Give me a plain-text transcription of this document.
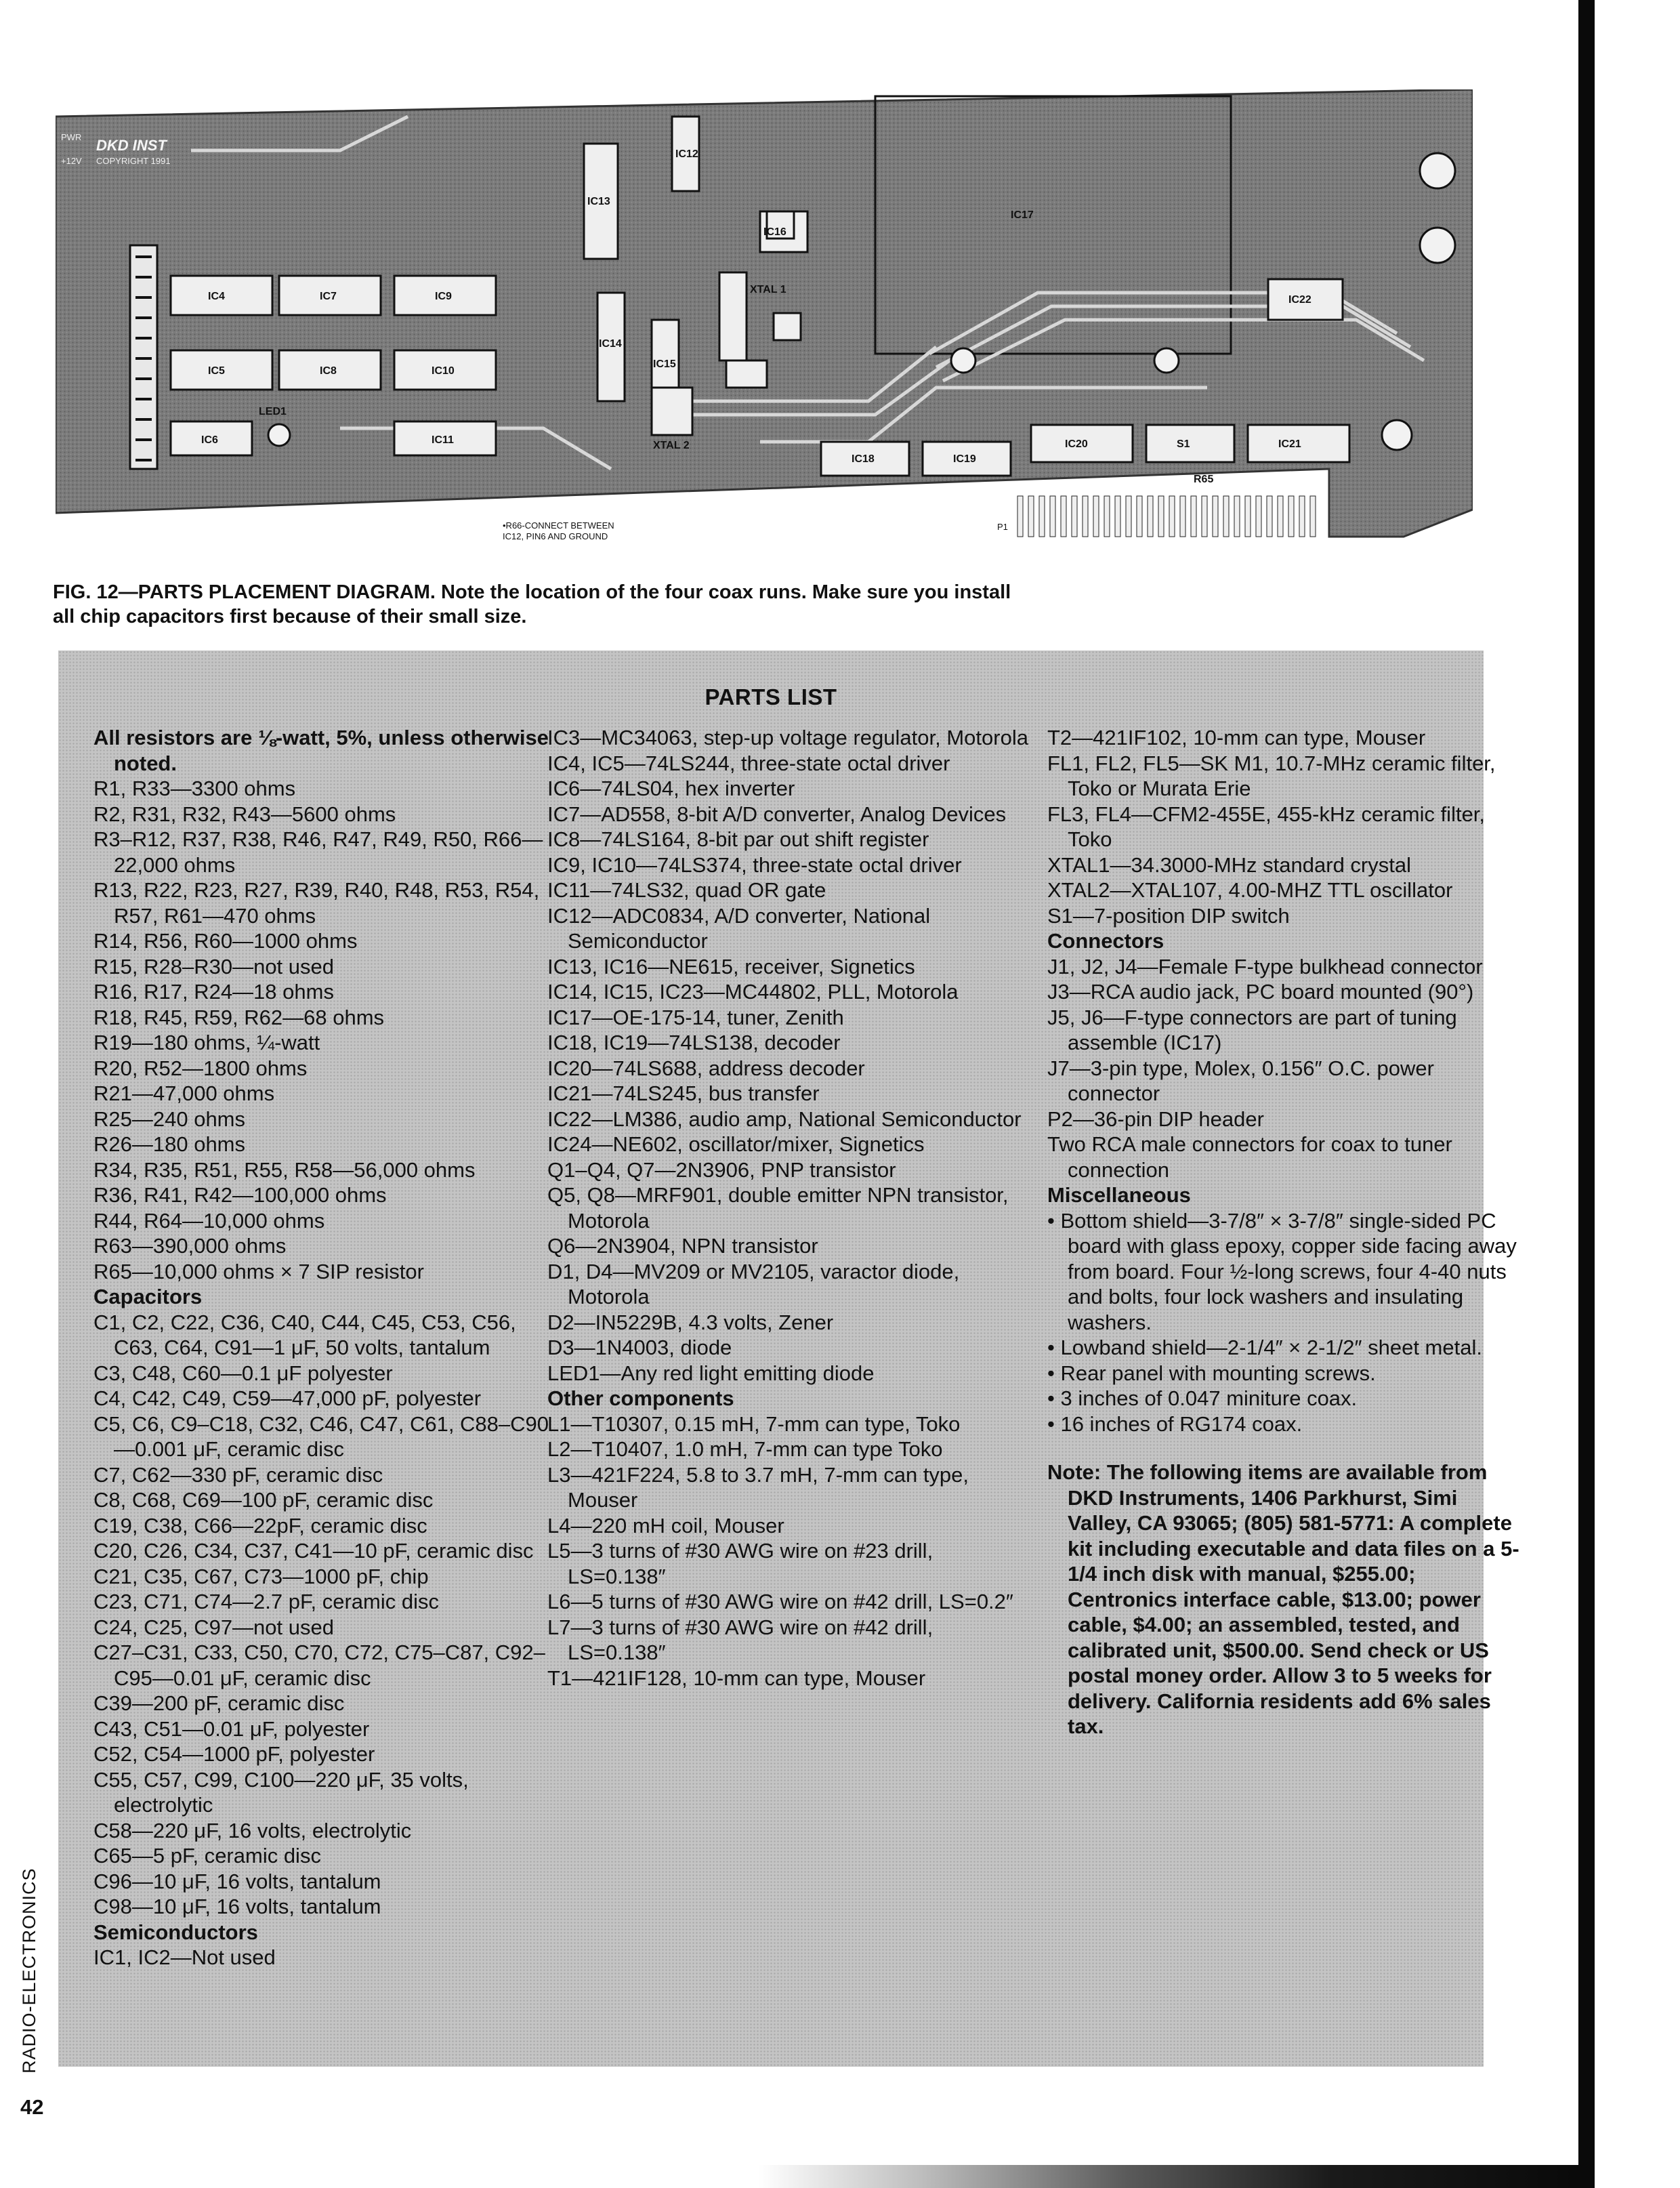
IC4	IC7	IC9
IC5	IC8	IC10
IC6	IC11
IC12
IC13
IC14
IC15
IC16
IC17
IC18	IC19
IC20	S1	IC21
IC22
XTAL 1
XTAL 2
R65
LED1
DKD INST
COPYRIGHT 1991
PWR
+12V
•R66-CONNECT BETWEEN
IC12, PIN6 AND GROUND
P1
FIG. 12—PARTS PLACEMENT DIAGRAM. Note the location of the four coax runs. Make sure you install all chip capacitors first because of their small size.
PARTS LIST
All resistors are ⅛-watt, 5%, unless otherwise noted.
R1, R33—3300 ohms
R2, R31, R32, R43—5600 ohms
R3–R12, R37, R38, R46, R47, R49, R50, R66—22,000 ohms
R13, R22, R23, R27, R39, R40, R48, R53, R54, R57, R61—470 ohms
R14, R56, R60—1000 ohms
R15, R28–R30—not used
R16, R17, R24—18 ohms
R18, R45, R59, R62—68 ohms
R19—180 ohms, ¼-watt
R20, R52—1800 ohms
R21—47,000 ohms
R25—240 ohms
R26—180 ohms
R34, R35, R51, R55, R58—56,000 ohms
R36, R41, R42—100,000 ohms
R44, R64—10,000 ohms
R63—390,000 ohms
R65—10,000 ohms × 7 SIP resistor
Capacitors
C1, C2, C22, C36, C40, C44, C45, C53, C56, C63, C64, C91—1 μF, 50 volts, tantalum
C3, C48, C60—0.1 μF polyester
C4, C42, C49, C59—47,000 pF, polyester
C5, C6, C9–C18, C32, C46, C47, C61, C88–C90—0.001 μF, ceramic disc
C7, C62—330 pF, ceramic disc
C8, C68, C69—100 pF, ceramic disc
C19, C38, C66—22pF, ceramic disc
C20, C26, C34, C37, C41—10 pF, ceramic disc
C21, C35, C67, C73—1000 pF, chip
C23, C71, C74—2.7 pF, ceramic disc
C24, C25, C97—not used
C27–C31, C33, C50, C70, C72, C75–C87, C92–C95—0.01 μF, ceramic disc
C39—200 pF, ceramic disc
C43, C51—0.01 μF, polyester
C52, C54—1000 pF, polyester
C55, C57, C99, C100—220 μF, 35 volts, electrolytic
C58—220 μF, 16 volts, electrolytic
C65—5 pF, ceramic disc
C96—10 μF, 16 volts, tantalum
C98—10 μF, 16 volts, tantalum
Semiconductors
IC1, IC2—Not used
IC3—MC34063, step-up voltage regulator, Motorola
IC4, IC5—74LS244, three-state octal driver
IC6—74LS04, hex inverter
IC7—AD558, 8-bit A/D converter, Analog Devices
IC8—74LS164, 8-bit par out shift register
IC9, IC10—74LS374, three-state octal driver
IC11—74LS32, quad OR gate
IC12—ADC0834, A/D converter, National Semiconductor
IC13, IC16—NE615, receiver, Signetics
IC14, IC15, IC23—MC44802, PLL, Motorola
IC17—OE-175-14, tuner, Zenith
IC18, IC19—74LS138, decoder
IC20—74LS688, address decoder
IC21—74LS245, bus transfer
IC22—LM386, audio amp, National Semiconductor
IC24—NE602, oscillator/mixer, Signetics
Q1–Q4, Q7—2N3906, PNP transistor
Q5, Q8—MRF901, double emitter NPN transistor, Motorola
Q6—2N3904, NPN transistor
D1, D4—MV209 or MV2105, varactor diode, Motorola
D2—IN5229B, 4.3 volts, Zener
D3—1N4003, diode
LED1—Any red light emitting diode
Other components
L1—T10307, 0.15 mH, 7-mm can type, Toko
L2—T10407, 1.0 mH, 7-mm can type Toko
L3—421F224, 5.8 to 3.7 mH, 7-mm can type, Mouser
L4—220 mH coil, Mouser
L5—3 turns of #30 AWG wire on #23 drill, LS=0.138″
L6—5 turns of #30 AWG wire on #42 drill, LS=0.2″
L7—3 turns of #30 AWG wire on #42 drill, LS=0.138″
T1—421IF128, 10-mm can type, Mouser
T2—421IF102, 10-mm can type, Mouser
FL1, FL2, FL5—SK M1, 10.7-MHz ceramic filter, Toko or Murata Erie
FL3, FL4—CFM2-455E, 455-kHz ceramic filter, Toko
XTAL1—34.3000-MHz standard crystal
XTAL2—XTAL107, 4.00-MHZ TTL oscillator
S1—7-position DIP switch
Connectors
J1, J2, J4—Female F-type bulkhead connector
J3—RCA audio jack, PC board mounted (90°)
J5, J6—F-type connectors are part of tuning assemble (IC17)
J7—3-pin type, Molex, 0.156″ O.C. power connector
P2—36-pin DIP header
Two RCA male connectors for coax to tuner connection
Miscellaneous
• Bottom shield—3-7/8″ × 3-7/8″ single-sided PC board with glass epoxy, copper side facing away from board. Four ½-long screws, four 4-40 nuts and bolts, four lock washers and insulating washers.
• Lowband shield—2-1/4″ × 2-1/2″ sheet metal.
• Rear panel with mounting screws.
• 3 inches of 0.047 miniture coax.
• 16 inches of RG174 coax.
Note: The following items are available from DKD Instruments, 1406 Parkhurst, Simi Valley, CA 93065; (805) 581-5771: A complete kit including executable and data files on a 5-1/4 inch disk with manual, $255.00; Centronics interface cable, $13.00; power cable, $4.00; an assembled, tested, and calibrated unit, $500.00. Send check or US postal money order. Allow 3 to 5 weeks for delivery. California residents add 6% sales tax.
RADIO-ELECTRONICS
42
